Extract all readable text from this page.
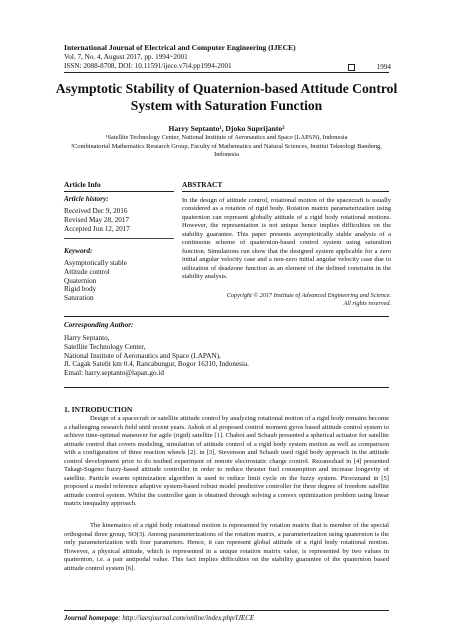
International Journal of Electrical and Computer Engineering (IJECE)
Vol. 7, No. 4, August 2017, pp. 1994~2001
ISSN: 2088-8708, DOI: 10.11591/ijece.v7i4.pp1994-2001	1994
Asymptotic Stability of Quaternion-based Attitude Control
System with Saturation Function
Harry Septanto¹, Djoko Suprijanto²
¹Satellite Technology Center, National Institute of Aeronautics and Space (LAPAN), Indonesia
²Combinatorial Mathematics Research Group, Faculty of Mathematics and Natural Sciences, Institut Teknologi Bandung,
Indonesia
Article Info
Article history:
Received Dec 9, 2016
Revised May 28, 2017
Accepted Jun 12, 2017
Keyword:
Asymptotically stable
Attitude control
Quaternion
Rigid body
Saturation
ABSTRACT
In the design of attitude control, rotational motion of the spacecraft is usually considered as a rotation of rigid body. Rotation matrix parameterization using quaternion can represent globally attitude of a rigid body rotational motions. However, the representation is not unique hence implies difficulties on the stability guarantee. This paper presents asymptotically stable analysis of a continuous scheme of quaternion-based control system using saturation function. Simulations run show that the designed system applicable for a zero initial angular velocity case and a non-zero initial angular velocity case due to utilization of deadzone function as an element of the defined constraint in the stability analysis.
Copyright © 2017 Institute of Advanced Engineering and Science.
All rights reserved.
Corresponding Author:
Harry Septanto,
Satellite Technology Center,
National Institute of Aeronautics and Space (LAPAN),
Jl. Cagak Satelit km 0.4, Rancabungur, Bogor 16310, Indonesia.
Email: harry.septanto@lapan.go.id
1. INTRODUCTION
Design of a spacecraft or satellite attitude control by analyzing rotational motion of a rigid body remains become a challenging research field until recent years. Ashok et al proposed control moment gyros based attitude control system to achieve time-optimal maneuver for agile (rigid) satellite [1]. Chabot and Schaub presented a spherical actuator for satellite attitude control that covers modeling, simulation of attitude control of a rigid body system motion as well as comparison with a configuration of three reaction wheels [2]. in [3], Stevenson and Schaub used rigid body approach in the attitude control development prior to do testbed experiment of remote electrostatic charge control. Rezanezhad in [4] presented Takagi-Sugeno fuzzy-based attitude controller in order to reduce thruster fuel consumption and increase longevity of satellite. Particle swarm optimization algorithm is used to reduce limit cycle on the fuzzy system. Pirooznand in [5] proposed a model reference adaptive system-based robust model predictive controller for three degree of freedom satellite attitude control system. Whilst the controller gain is obtained through solving a convex optimization problem using linear matrix inequality approach.
The kinematics of a rigid body rotational motion is represented by rotation matrix that is member of the special orthogonal three group, SO(3). Among parameterizations of the rotation matrix, a parameterization using quaternion is the only parameterization with four parameters. Hence, it can represent global attitude of a rigid body rotational motion. However, a physical attitude, which is represented in a unique rotation matrix value, is represented by two values in quaternion, i.e. a pair antipodal value. This fact implies difficulties on the stability guarantee of the quaternion based attitude control system [6].
Journal homepage: http://iaesjournal.com/online/index.php/IJECE
